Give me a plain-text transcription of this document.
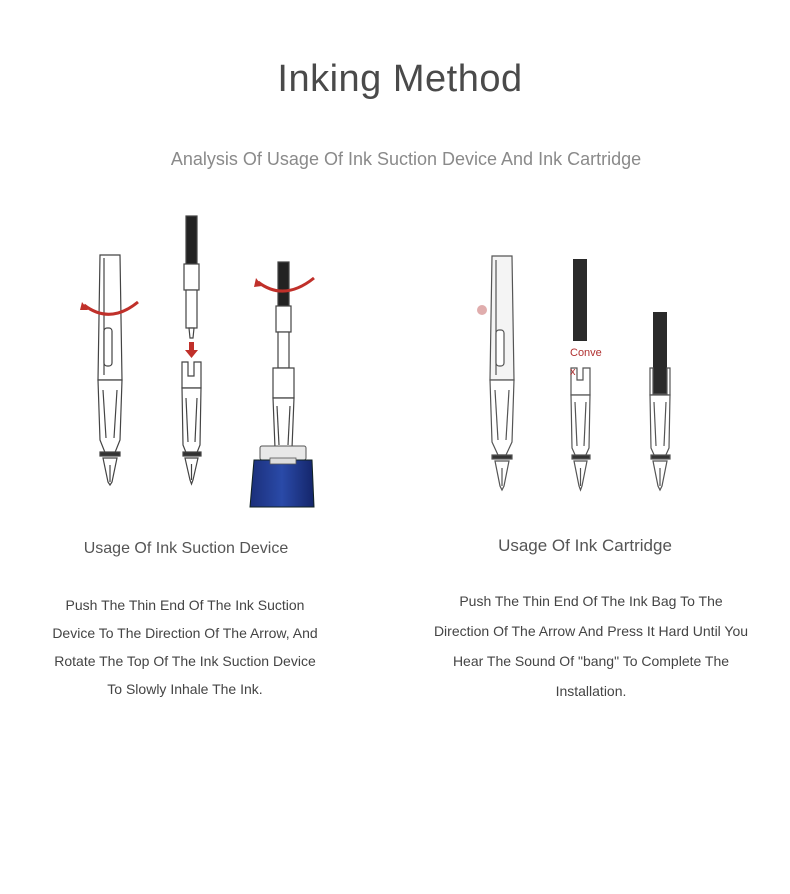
Inking Method
Analysis Of Usage Of Ink Suction Device And Ink Cartridge
Conve
x
Usage Of Ink Suction Device
Push The Thin End Of The Ink Suction
Device To The Direction Of The Arrow, And
Rotate The Top Of The Ink Suction Device
To Slowly Inhale The Ink.
Usage Of Ink Cartridge
Push The Thin End Of The Ink Bag To The
Direction Of The Arrow And Press It Hard Until You
Hear The Sound Of "bang" To Complete The
Installation.
